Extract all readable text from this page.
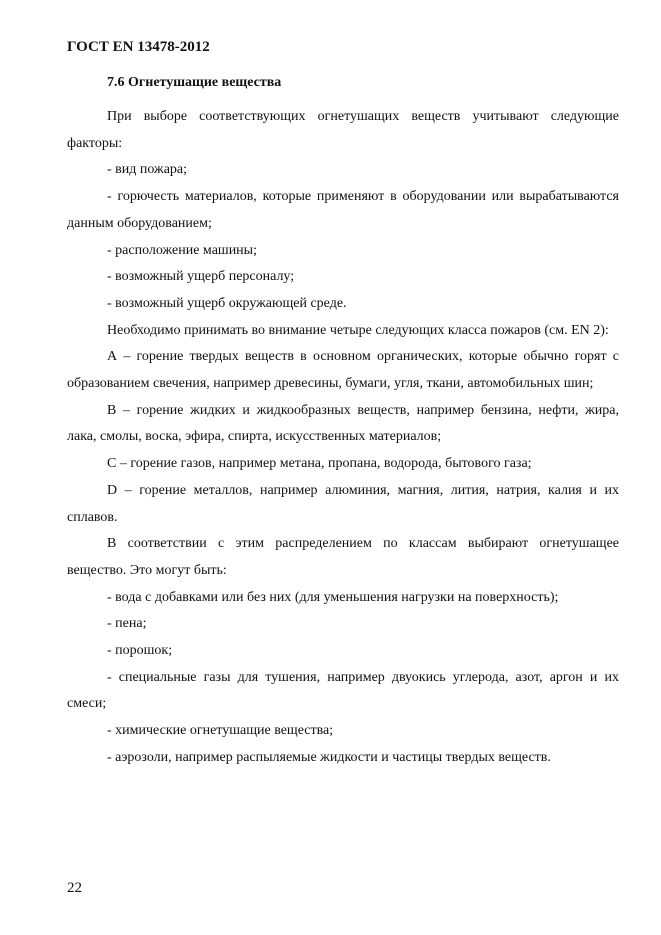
ГОСТ EN 13478-2012
7.6 Огнетушащие вещества

При выборе соответствующих огнетушащих веществ учитывают следующие факторы:

- вид пожара;

- горючесть материалов, которые применяют в оборудовании или вырабатываются данным оборудованием;

- расположение машины;

- возможный ущерб персоналу;

- возможный ущерб окружающей среде.

Необходимо принимать во внимание четыре следующих класса пожаров (см. EN 2):

А – горение твердых веществ в основном органических, которые обычно горят с образованием свечения, например древесины, бумаги, угля, ткани, автомобильных шин;

В – горение жидких и жидкообразных веществ, например бензина, нефти, жира, лака, смолы, воска, эфира, спирта, искусственных материалов;

С – горение газов, например метана, пропана, водорода, бытового газа;

D – горение металлов, например алюминия, магния, лития, натрия, калия и их сплавов.

В соответствии с этим распределением по классам выбирают огнетушащее вещество. Это могут быть:

- вода с добавками или без них (для уменьшения нагрузки на поверхность);

- пена;

- порошок;

- специальные газы для тушения, например двуокись углерода, азот, аргон и их смеси;

- химические огнетушащие вещества;

- аэрозоли, например распыляемые жидкости и частицы твердых веществ.

22
